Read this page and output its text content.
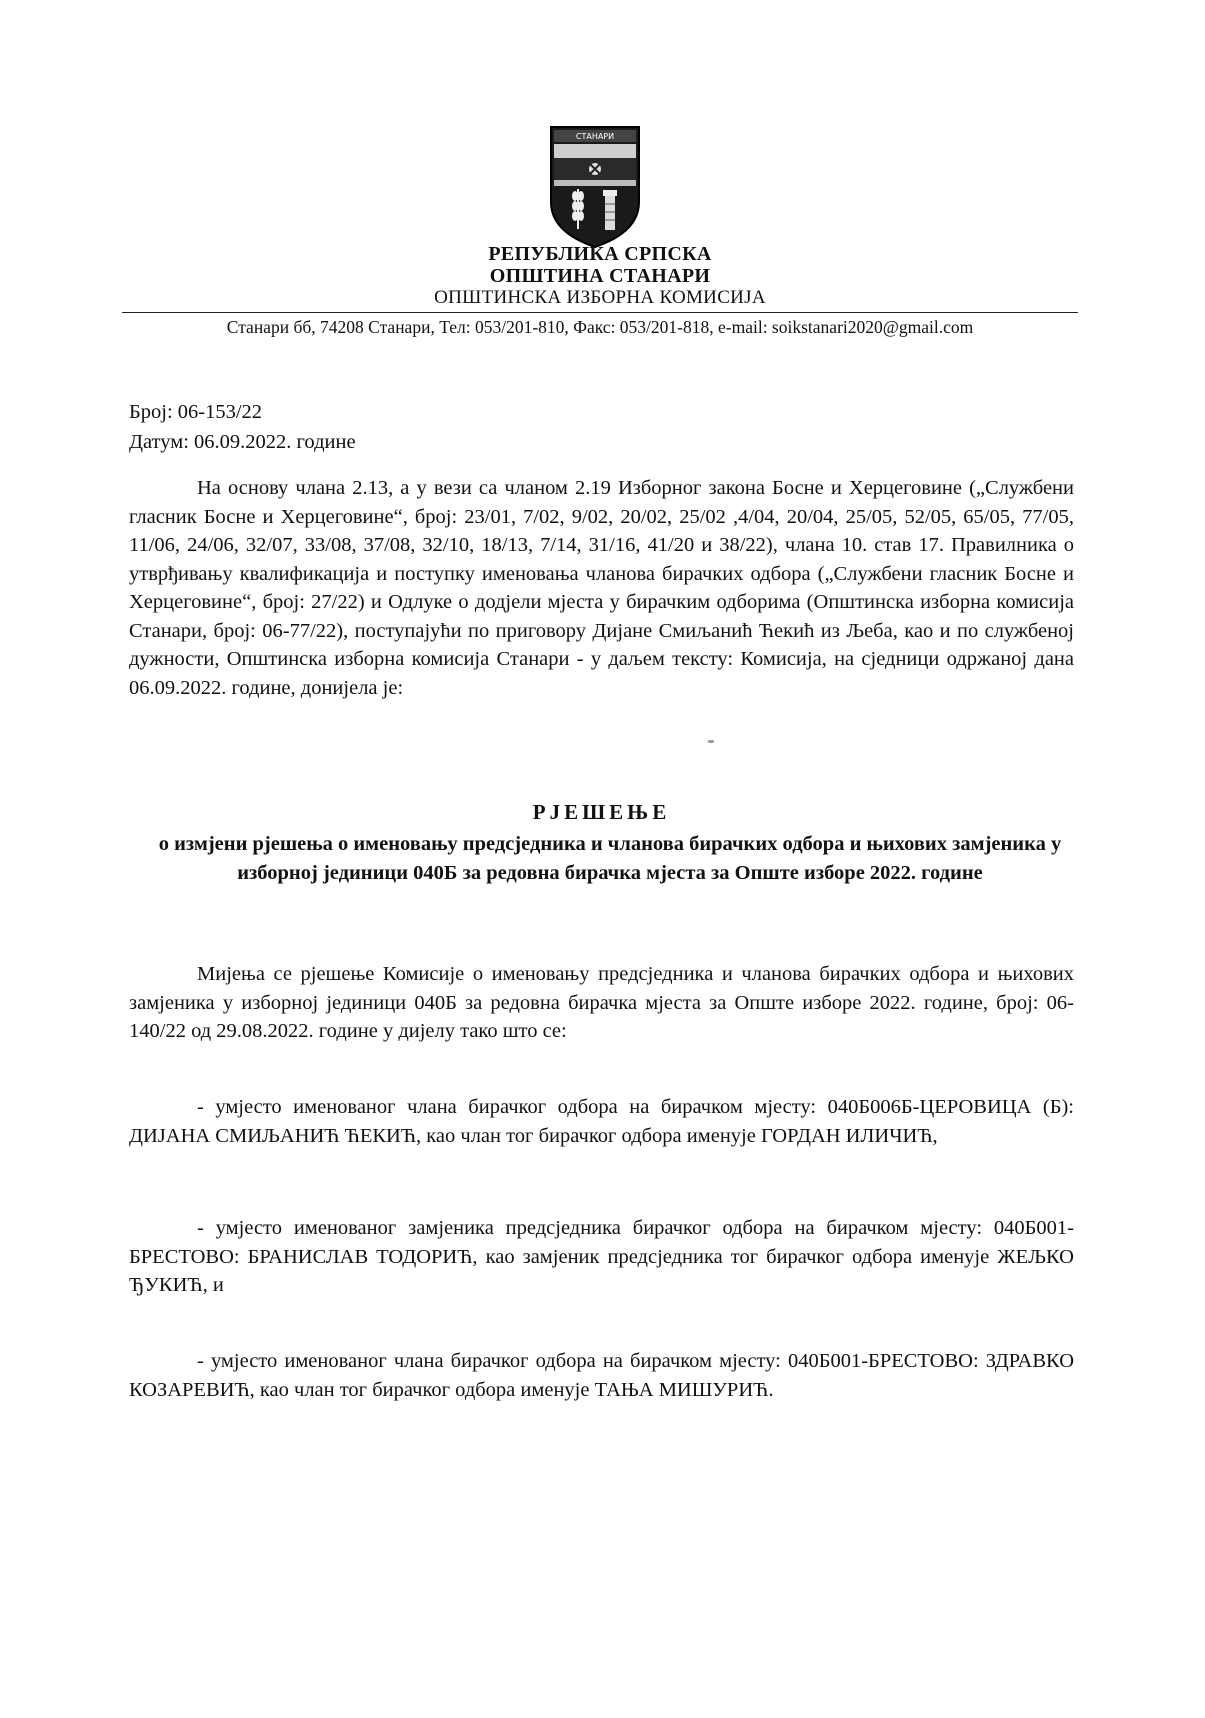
СТАНАРИ
РЕПУБЛИКА СРПСКА
ОПШТИНА СТАНАРИ
ОПШТИНСКА ИЗБОРНА КОМИСИЈА
Станари бб, 74208 Станари, Тел: 053/201-810, Факс: 053/201-818, e-mail: soikstanari2020@gmail.com
Број: 06-153/22
Датум: 06.09.2022. године
На основу члана 2.13, а у вези са чланом 2.19 Изборног закона Босне и Херцеговине („Службени гласник Босне и Херцеговине“, број: 23/01, 7/02, 9/02, 20/02, 25/02 ,4/04, 20/04, 25/05, 52/05, 65/05, 77/05, 11/06, 24/06, 32/07, 33/08, 37/08, 32/10, 18/13, 7/14, 31/16, 41/20 и 38/22), члана 10. став 17. Правилника о утврђивању квалификација и поступку именовања чланова бирачких одбора („Службени гласник Босне и Херцеговине“, број: 27/22) и Одлуке о додјели мјеста у бирачким одборима (Општинска изборна комисија Станари, број: 06-77/22), поступајући по приговору Дијане Смиљанић Ћекић из Љеба, као и по службеној дужности, Општинска изборна комисија Станари - у даљем тексту: Комисија, на сједници одржаној дана 06.09.2022. године, донијела је:
РЈЕШЕЊЕ
о измјени рјешења о именовању предсједника и чланова бирачких одбора и њихових замјеника у изборној јединици 040Б за редовна бирачка мјеста за Опште изборе 2022. године
Мијења се рјешење Комисије о именовању предсједника и чланова бирачких одбора и њихових замјеника у изборној јединици 040Б за редовна бирачка мјеста за Опште изборе 2022. године, број: 06-140/22 од 29.08.2022. године у дијелу тако што се:
- умјесто именованог члана бирачког одбора на бирачком мјесту: 040Б006Б-ЦЕРОВИЦА (Б): ДИЈАНА СМИЉАНИЋ ЋЕКИЋ, као члан тог бирачког одбора именује ГОРДАН ИЛИЧИЋ,
- умјесто именованог замјеника предсједника бирачког одбора на бирачком мјесту: 040Б001- БРЕСТОВО: БРАНИСЛАВ ТОДОРИЋ, као замјеник предсједника тог бирачког одбора именује ЖЕЉКО ЂУКИЋ, и
- умјесто именованог члана бирачког одбора на бирачком мјесту: 040Б001-БРЕСТОВО: ЗДРАВКО КОЗАРЕВИЋ, као члан тог бирачког одбора именује ТАЊА МИШУРИЋ.
